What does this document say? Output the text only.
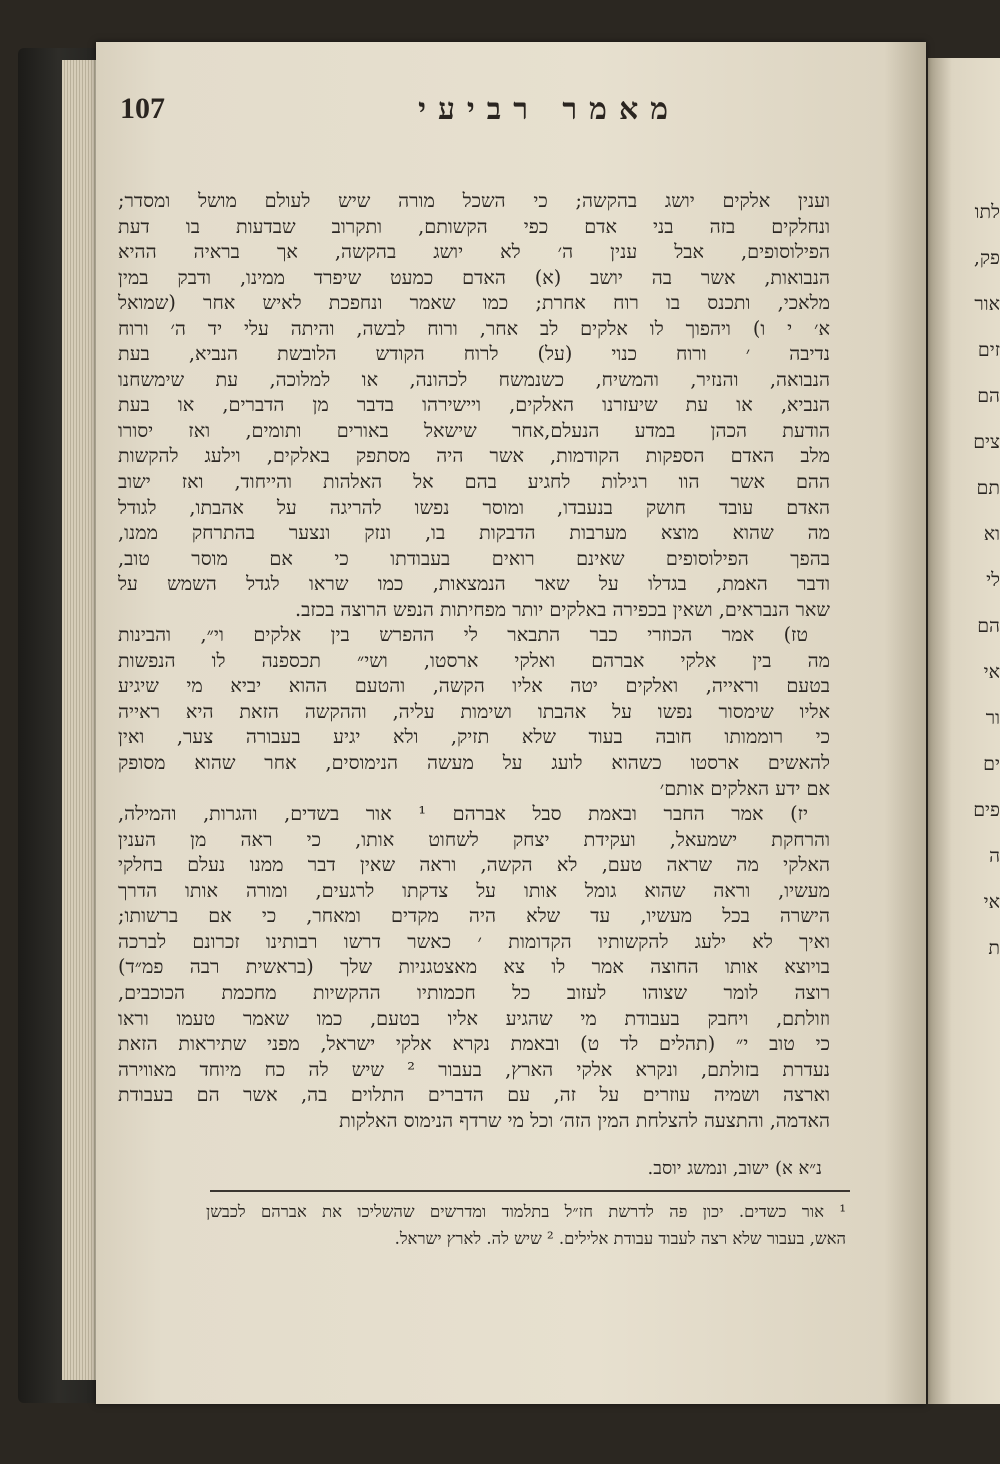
לתו
פק,
אור
זים
הם
צים
תם
וא
לי
הם
אי
ור
ים
פים
ה
אי
ת
107	מאמר רביעי
וענין אלקים יושג בהקשה; כי השכל מורה שיש לעולם מושל ומסדר;
ונחלקים בזה בני אדם כפי הקשותם, ותקרוב שבדעות בו דעת
הפילוסופים, אבל ענין ה׳ לא יושג בהקשה, אך בראיה ההיא
הנבואות, אשר בה יושב (א) האדם כמעט שיפרד ממינו, ודבק במין
מלאכי, ותכנס בו רוח אחרת; כמו שאמר ונחפכת לאיש אחר (שמואל
א׳ י ו) ויהפוך לו אלקים לב אחר, ורוח לבשה, והיתה עלי יד ה׳ ורוח
נדיבה ׳ ורוח כנוי (על) לרוח הקודש הלובשת הנביא, בעת
הנבואה, והנזיר, והמשיח, כשנמשח לכהונה, או למלוכה, עת שימשחנו
הנביא, או עת שיעזרנו האלקים, ויישירהו בדבר מן הדברים, או בעת
הודעת הכהן במדע הנעלם,אחר שישאל באורים ותומים, ואז יסורו
מלב האדם הספקות הקודמות, אשר היה מסתפק באלקים, וילעג להקשות
ההם אשר הוו רגילות לחגיע בהם אל האלהות והייחוד, ואז ישוב
האדם עובד חושק בנעבדו, ומוסר נפשו להריגה על אהבתו, לגודל
מה שהוא מוצא מערבות הדבקות בו, ונזק ונצער בהתרחק ממנו,
בהפך הפילוסופים שאינם רואים בעבודתו כי אם מוסר טוב,
ודבר האמת, בגדלו על שאר הנמצאות, כמו שראו לגדל השמש על
שאר הנבראים, ושאין בכפירה באלקים יותר מפחיתות הנפש הרוצה בכזב.
טז) אמר הכוזרי כבר התבאר לי ההפרש בין אלקים וי״, והבינות
מה בין אלקי אברהם ואלקי ארסטו, ושי״ תכספנה לו הנפשות
בטעם וראייה, ואלקים יטה אליו הקשה, והטעם ההוא יביא מי שיגיע
אליו שימסור נפשו על אהבתו ושימות עליה, וההקשה הזאת היא ראייה
כי רוממותו חובה בעוד שלא תזיק, ולא יגיע בעבורה צער, ואין
להאשים ארסטו כשהוא לועג על מעשה הנימוסים, אחר שהוא מסופק
אם ידע האלקים אותם׳
יז) אמר החבר ובאמת סבל אברהם ¹ אור בשדים, והגרות, והמילה,
והרחקת ישמעאל, ועקידת יצחק לשחוט אותו, כי ראה מן הענין
האלקי מה שראה טעם, לא הקשה, וראה שאין דבר ממנו נעלם בחלקי
מעשיו, וראה שהוא גומל אותו על צדקתו לרגעים, ומורה אותו הדרך
הישרה בכל מעשיו, עד שלא היה מקדים ומאחר, כי אם ברשותו;
ואיך לא ילעג להקשותיו הקדומות ׳ כאשר דרשו רבותינו זכרונם לברכה
בויוצא אותו החוצה אמר לו צא מאצטגניות שלך (בראשית רבה פמ״ד)
רוצה לומר שצוהו לעזוב כל חכמותיו ההקשיות מחכמת הכוכבים,
וזולתם, ויחבק בעבודת מי שהגיע אליו בטעם, כמו שאמר טעמו וראו
כי טוב י״ (תהלים לד ט) ובאמת נקרא אלקי ישראל, מפני שתיראות הזאת
נעדרת בזולתם, ונקרא אלקי הארץ, בעבור ² שיש לה כח מיוחד מאווירה
וארצה ושמיה עוזרים על זה, עם הדברים התלוים בה, אשר הם בעבודת
האדמה, והתצעה להצלחת המין הזה׳ וכל מי שרדף הנימוס האלקות
נ״א א) ישוב, ונמשג יוסב.
¹ אור כשדים. יכון פה לדרשת חז״ל בתלמוד ומדרשים שהשליכו את אברהם לכבשן
האש, בעבור שלא רצה לעבוד עבודת אלילים. ² שיש לה. לארץ ישראל.
